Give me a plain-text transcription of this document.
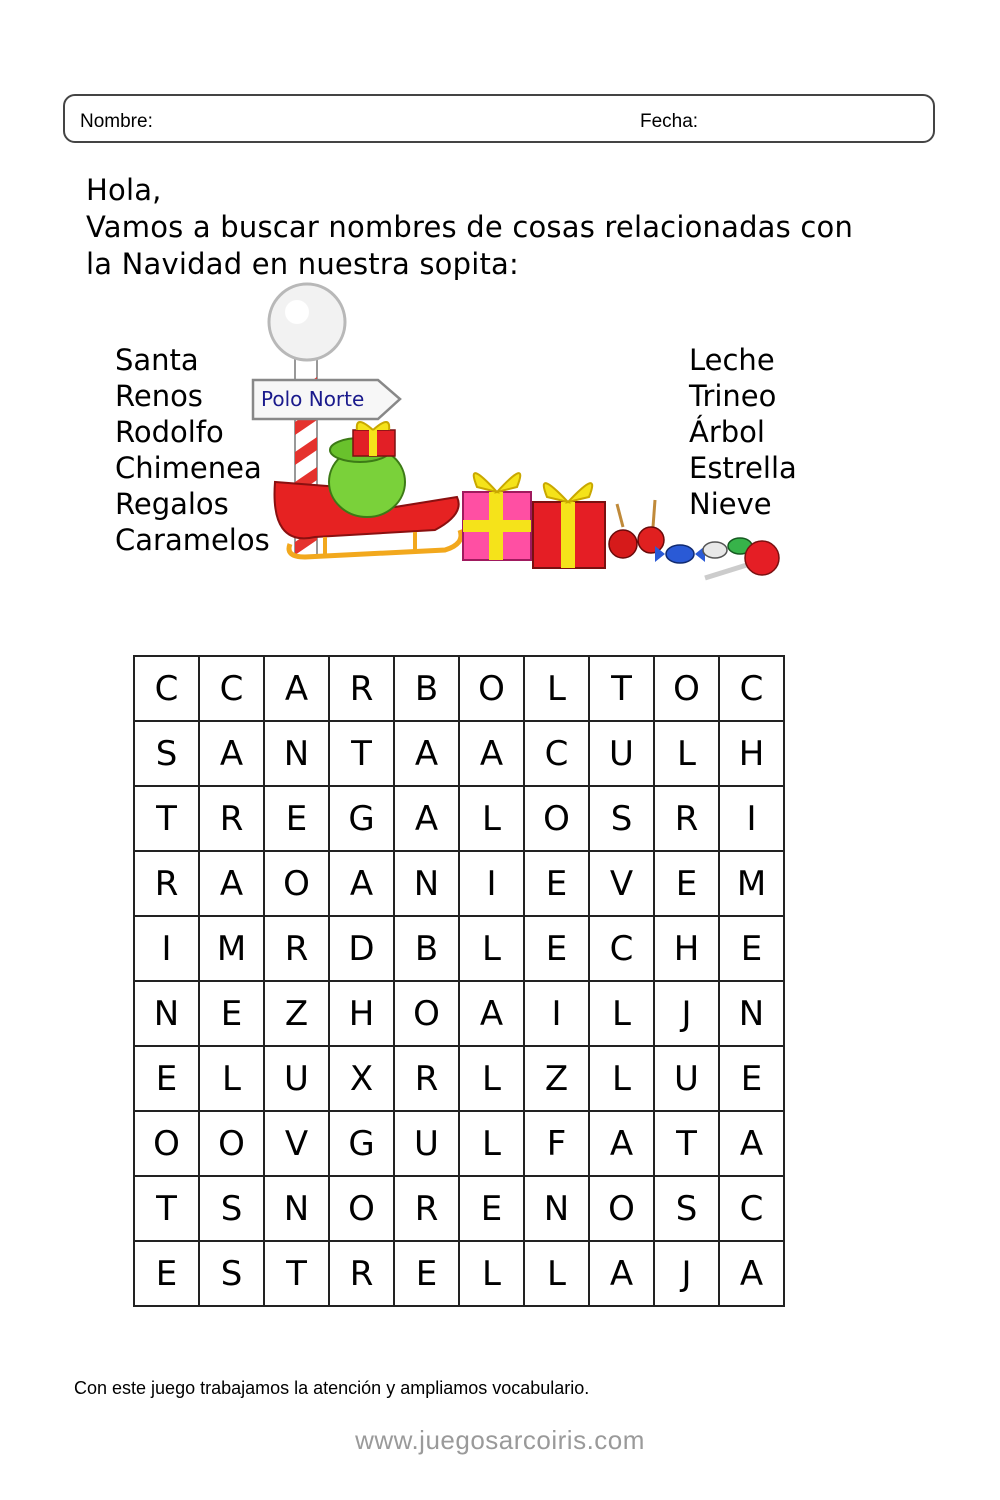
Nombre:	Fecha:
Hola,
Vamos a buscar nombres de cosas relacionadas con
la Navidad en nuestra sopita:
Santa
Renos
Rodolfo
Chimenea
Regalos
Caramelos
Leche
Trineo
Árbol
Estrella
Nieve
Polo Norte
C	C	A	R	B	O	L	T	O	C
S	A	N	T	A	A	C	U	L	H
T	R	E	G	A	L	O	S	R	I
R	A	O	A	N	I	E	V	E	M
I	M	R	D	B	L	E	C	H	E
N	E	Z	H	O	A	I	L	J	N
E	L	U	X	R	L	Z	L	U	E
O	O	V	G	U	L	F	A	T	A
T	S	N	O	R	E	N	O	S	C
E	S	T	R	E	L	L	A	J	A
Con este juego trabajamos la atención y ampliamos vocabulario.
www.juegosarcoiris.com
